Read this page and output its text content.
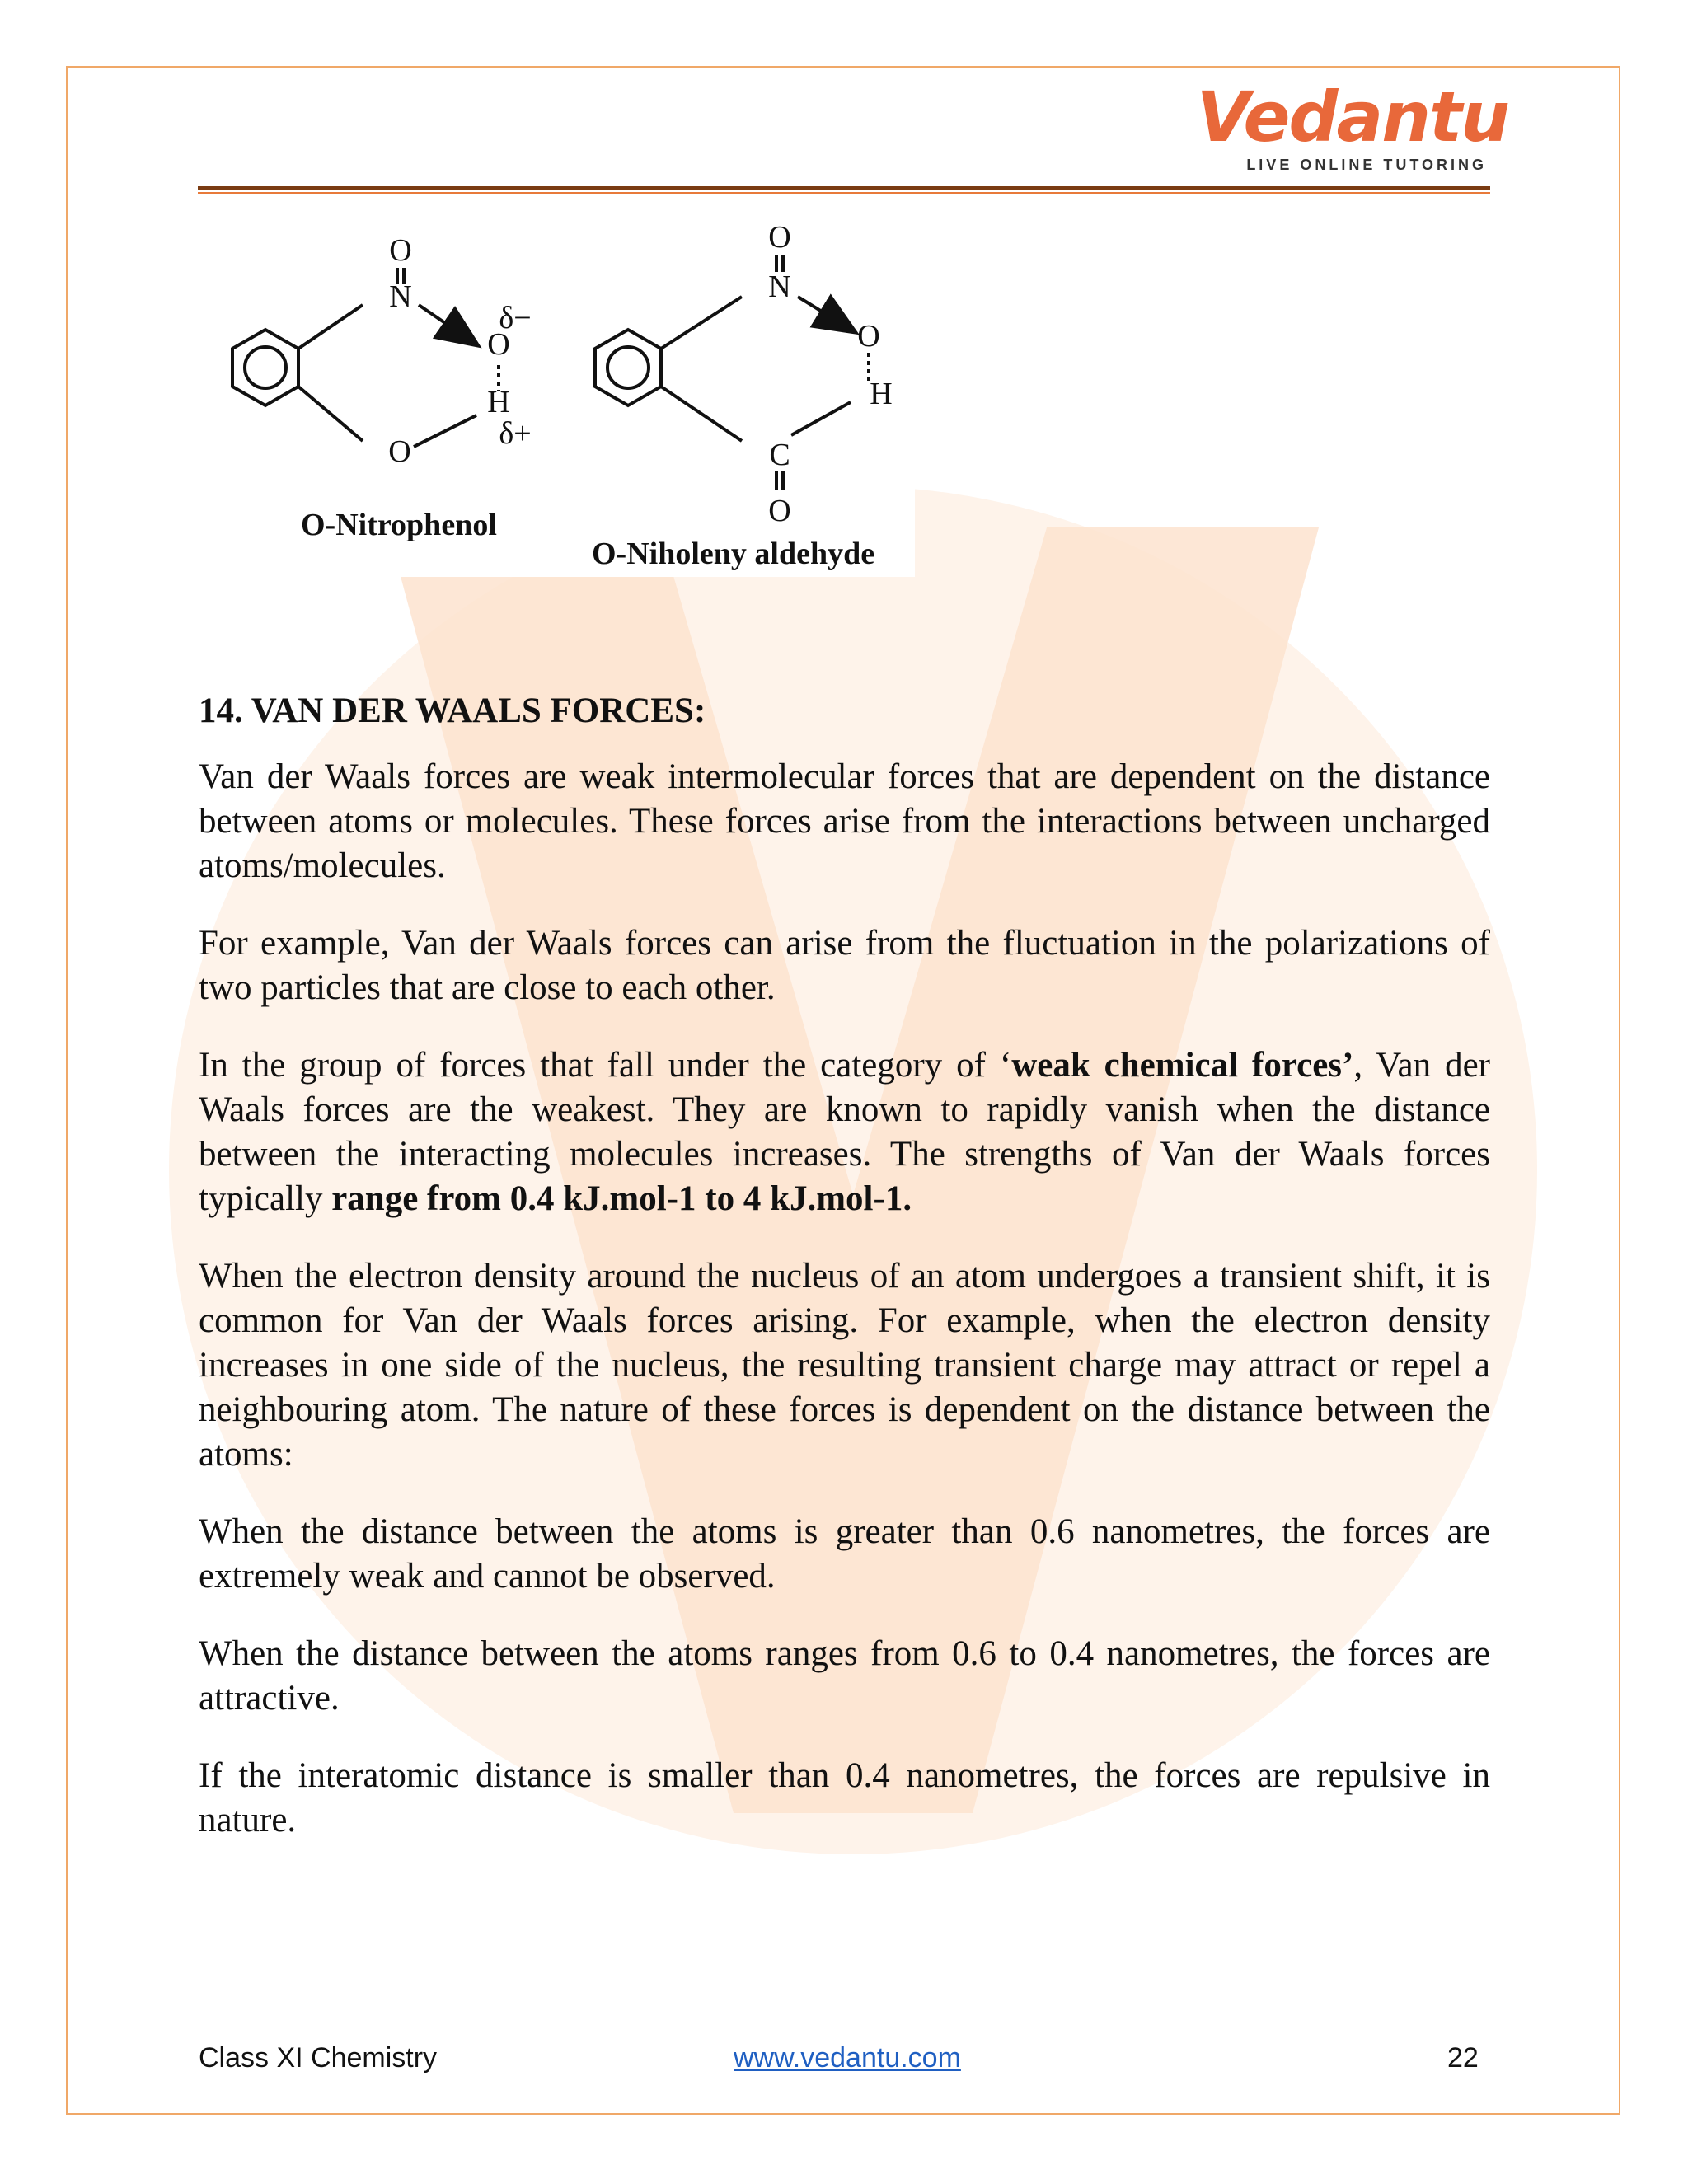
Vedantu
LIVE ONLINE TUTORING
O
N
O
H
O
δ−
δ+
O
N
O
H
C
O
O-Nitrophenol
O-Niholeny aldehyde
14. VAN DER WAALS FORCES:

Van der Waals forces are weak intermolecular forces that are dependent on the distance between atoms or molecules. These forces arise from the interactions between uncharged atoms/molecules.

For example, Van der Waals forces can arise from the fluctuation in the polarizations of two particles that are close to each other.

In the group of forces that fall under the category of ‘weak chemical forces’, Van der Waals forces are the weakest. They are known to rapidly vanish when the distance between the interacting molecules increases. The strengths of Van der Waals forces typically range from 0.4 kJ.mol-1 to 4 kJ.mol-1.

When the electron density around the nucleus of an atom undergoes a transient shift, it is common for Van der Waals forces arising. For example, when the electron density increases in one side of the nucleus, the resulting transient charge may attract or repel a neighbouring atom. The nature of these forces is dependent on the distance between the atoms:

When the distance between the atoms is greater than 0.6 nanometres, the forces are extremely weak and cannot be observed.

When the distance between the atoms ranges from 0.6 to 0.4 nanometres, the forces are attractive.

If the interatomic distance is smaller than 0.4 nanometres, the forces are repulsive in nature.

Class XI Chemistry	www.vedantu.com	22
